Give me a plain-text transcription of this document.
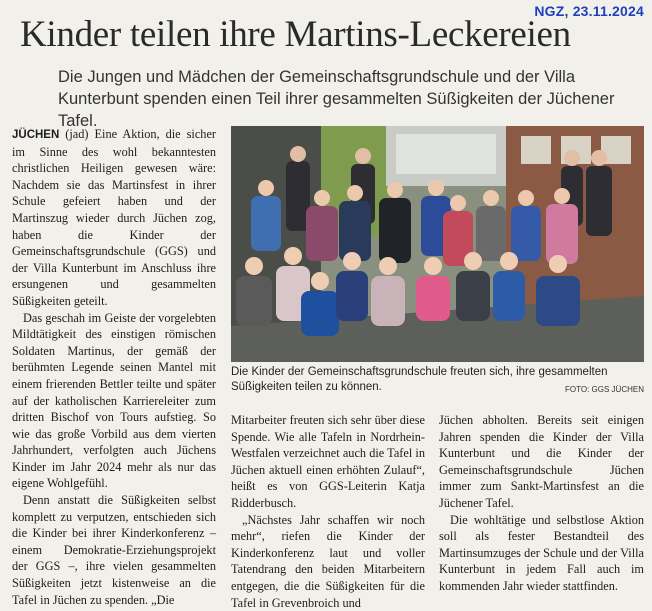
NGZ, 23.11.2024
Kinder teilen ihre Martins-Leckereien

Die Jungen und Mädchen der Gemeinschaftsgrundschule und der Villa Kunterbunt spenden einen Teil ihrer gesammelten Süßigkeiten der Jüchener Tafel.

JÜCHEN (jad) Eine Aktion, die sicher im Sinne des wohl bekanntesten christlichen Heiligen gewesen wäre: Nachdem sie das Martinsfest in ihrer Schule gefeiert haben und der Martinszug wieder durch Jüchen zog, haben die Kinder der Gemeinschaftsgrundschule (GGS) und der Villa Kunterbunt im Anschluss ihre ersungenen und gesammelten Süßigkeiten geteilt.

Das geschah im Geiste der vorgelebten Mildtätigkeit des einstigen römischen Soldaten Martinus, der gemäß der berühmten Legende seinen Mantel mit einem frierenden Bettler teilte und später auf der katholischen Karriereleiter zum dritten Bischof von Tours aufstieg. So wie das große Vorbild aus dem vierten Jahrhundert, verfolgten auch Jüchens Kinder im Jahr 2024 mehr als nur das eigene Wohlgefühl.

Denn anstatt die Süßigkeiten selbst komplett zu verputzen, entschieden sich die Kinder bei ihrer Kinderkonferenz – einem Demokratie-Erziehungsprojekt der GGS –, ihre vielen gesammelten Süßigkeiten jetzt kistenweise an die Tafel in Jüchen zu spenden. „Die

Die Kinder der Gemeinschaftsgrundschule freuten sich, ihre gesammelten Süßigkeiten teilen zu können.	FOTO: GGS JÜCHEN

Mitarbeiter freuten sich sehr über diese Spende. Wie alle Tafeln in Nordrhein-Westfalen verzeichnet auch die Tafel in Jüchen aktuell einen erhöhten Zulauf“, heißt es von GGS-Leiterin Katja Ridderbusch.

„Nächstes Jahr schaffen wir noch mehr“, riefen die Kinder der Kinderkonferenz laut und voller Tatendrang den beiden Mitarbeitern entgegen, die die Süßigkeiten für die Tafel in Grevenbroich und

Jüchen abholten. Bereits seit einigen Jahren spenden die Kinder der Villa Kunterbunt und die Kinder der Gemeinschaftsgrundschule Jüchen immer zum Sankt-Martinsfest an die Jüchener Tafel.

Die wohltätige und selbstlose Aktion soll als fester Bestandteil des Martinsumzuges der Schule und der Villa Kunterbunt in jedem Fall auch im kommenden Jahr wieder stattfinden.
